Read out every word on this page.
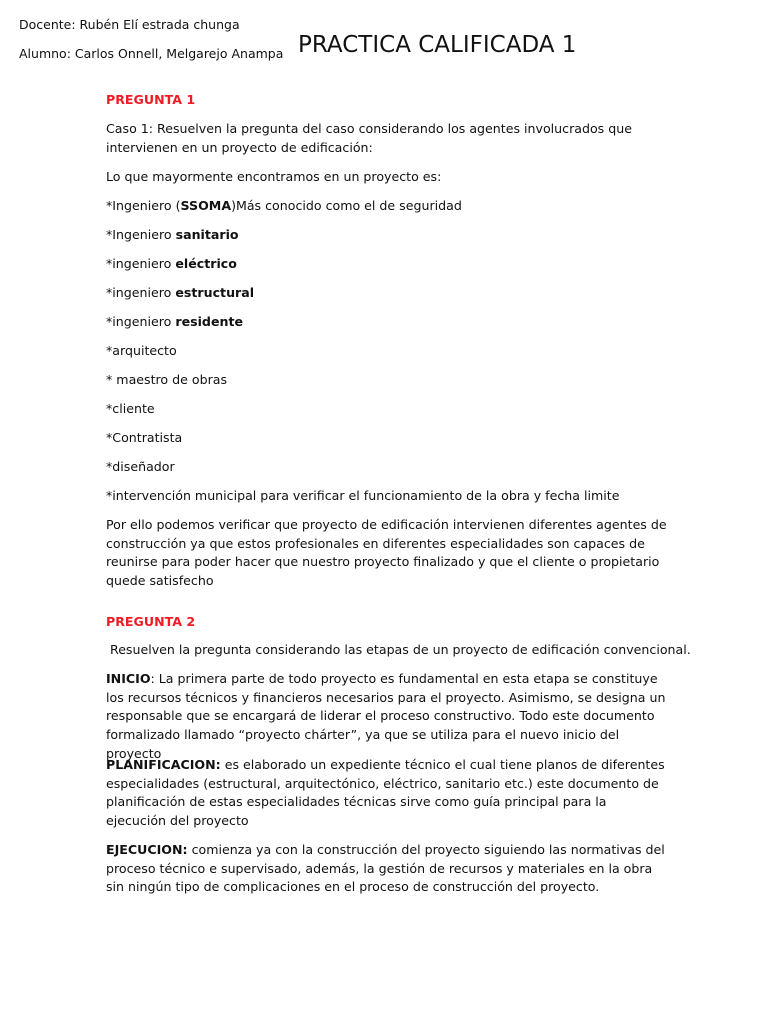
Docente: Rubén Elí estrada chunga
Alumno: Carlos Onnell, Melgarejo Anampa PRACTICA CALIFICADA 1

PREGUNTA 1

Caso 1: Resuelven la pregunta del caso considerando los agentes involucrados que intervienen en un proyecto de edificación:

Lo que mayormente encontramos en un proyecto es:

*Ingeniero (SSOMA)Más conocido como el de seguridad

*Ingeniero sanitario

*ingeniero eléctrico

*ingeniero estructural

*ingeniero residente

*arquitecto

* maestro de obras

*cliente

*Contratista

*diseñador

*intervención municipal para verificar el funcionamiento de la obra y fecha limite

Por ello podemos verificar que proyecto de edificación intervienen diferentes agentes de construcción ya que estos profesionales en diferentes especialidades son capaces de reunirse para poder hacer que nuestro proyecto finalizado y que el cliente o propietario quede satisfecho

PREGUNTA 2

Resuelven la pregunta considerando las etapas de un proyecto de edificación convencional.

INICIO: La primera parte de todo proyecto es fundamental en esta etapa se constituye los recursos técnicos y financieros necesarios para el proyecto. Asimismo, se designa un responsable que se encargará de liderar el proceso constructivo. Todo este documento formalizado llamado “proyecto chárter”, ya que se utiliza para el nuevo inicio del proyecto

PLANIFICACION: es elaborado un expediente técnico el cual tiene planos de diferentes especialidades (estructural, arquitectónico, eléctrico, sanitario etc.) este documento de planificación de estas especialidades técnicas sirve como guía principal para la ejecución del proyecto

EJECUCION: comienza ya con la construcción del proyecto siguiendo las normativas del proceso técnico e supervisado, además, la gestión de recursos y materiales en la obra sin ningún tipo de complicaciones en el proceso de construcción del proyecto.
